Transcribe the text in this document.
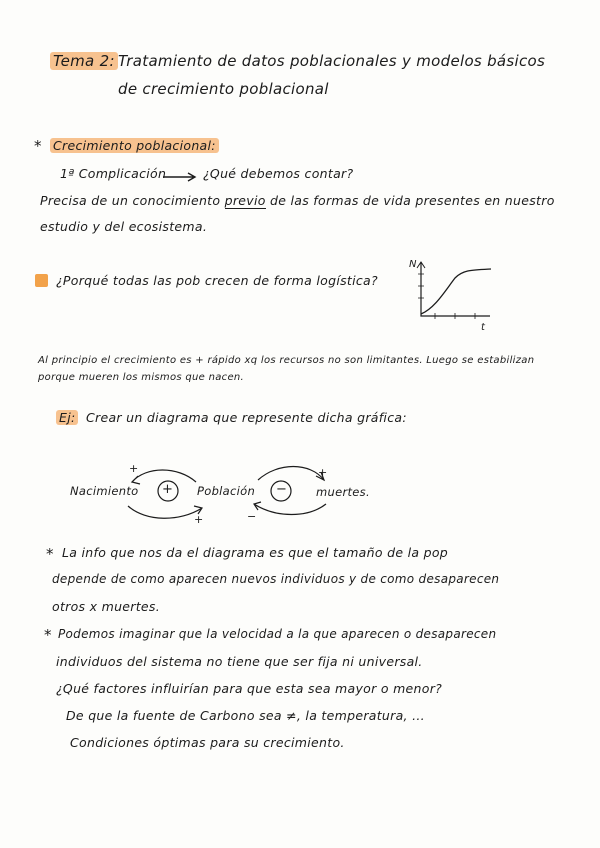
Tema 2: Tratamiento de datos poblacionales y modelos básicos
de crecimiento poblacional
* Crecimiento poblacional:
1ª Complicación	¿Qué debemos contar?
Precisa de un conocimiento previo de las formas de vida presentes en nuestro
estudio y del ecosistema.
¿Porqué todas las pob crecen de forma logística?
N
t
Al principio el crecimiento es + rápido xq los recursos no son limitantes. Luego se estabilizan
porque mueren los mismos que nacen.
Ej: Crear un diagrama que represente dicha gráfica:
Nacimiento	Población	muertes.
+	−
+
+
+
−
* La info que nos da el diagrama es que el tamaño de la pop
depende de como aparecen nuevos individuos y de como desaparecen
otros x muertes.
* Podemos imaginar que la velocidad a la que aparecen o desaparecen
individuos del sistema no tiene que ser fija ni universal.
¿Qué factores influirían para que esta sea mayor o menor?
De que la fuente de Carbono sea ≠, la temperatura, ...
Condiciones óptimas para su crecimiento.
